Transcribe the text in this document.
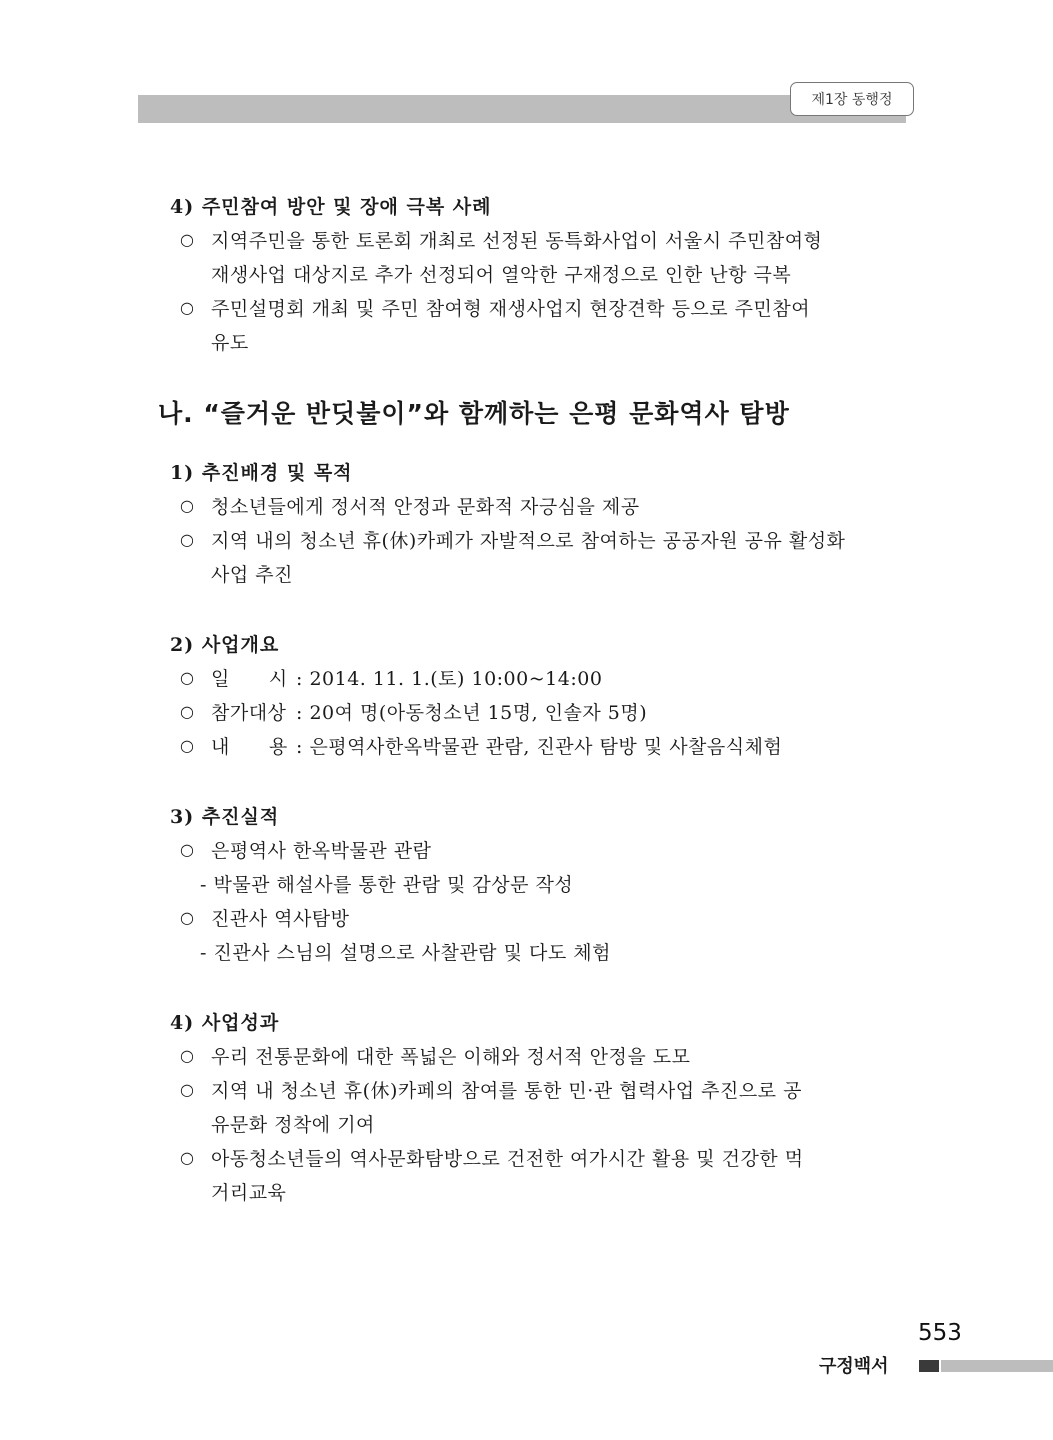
제1장 동행정
4) 주민참여 방안 및 장애 극복 사례
○ 지역주민을 통한 토론회 개최로 선정된 동특화사업이 서울시 주민참여형
재생사업 대상지로 추가 선정되어 열악한 구재정으로 인한 난항 극복
○ 주민설명회 개최 및 주민 참여형 재생사업지 현장견학 등으로 주민참여
유도
나. “즐거운 반딧불이”와 함께하는 은평 문화역사 탐방
1) 추진배경 및 목적
○ 청소년들에게 정서적 안정과 문화적 자긍심을 제공
○ 지역 내의 청소년 휴(休)카페가 자발적으로 참여하는 공공자원 공유 활성화
사업 추진
2) 사업개요
○ 일　　시 : 2014. 11. 1.(토) 10:00~14:00
○ 참가대상 : 20여 명(아동청소년 15명, 인솔자 5명)
○ 내　　용 : 은평역사한옥박물관 관람, 진관사 탐방 및 사찰음식체험
3) 추진실적
○ 은평역사 한옥박물관 관람
- 박물관 해설사를 통한 관람 및 감상문 작성
○ 진관사 역사탐방
- 진관사 스님의 설명으로 사찰관람 및 다도 체험
4) 사업성과
○ 우리 전통문화에 대한 폭넓은 이해와 정서적 안정을 도모
○ 지역 내 청소년 휴(休)카페의 참여를 통한 민·관 협력사업 추진으로 공
유문화 정착에 기여
○ 아동청소년들의 역사문화탐방으로 건전한 여가시간 활용 및 건강한 먹
거리교육
553
구정백서
